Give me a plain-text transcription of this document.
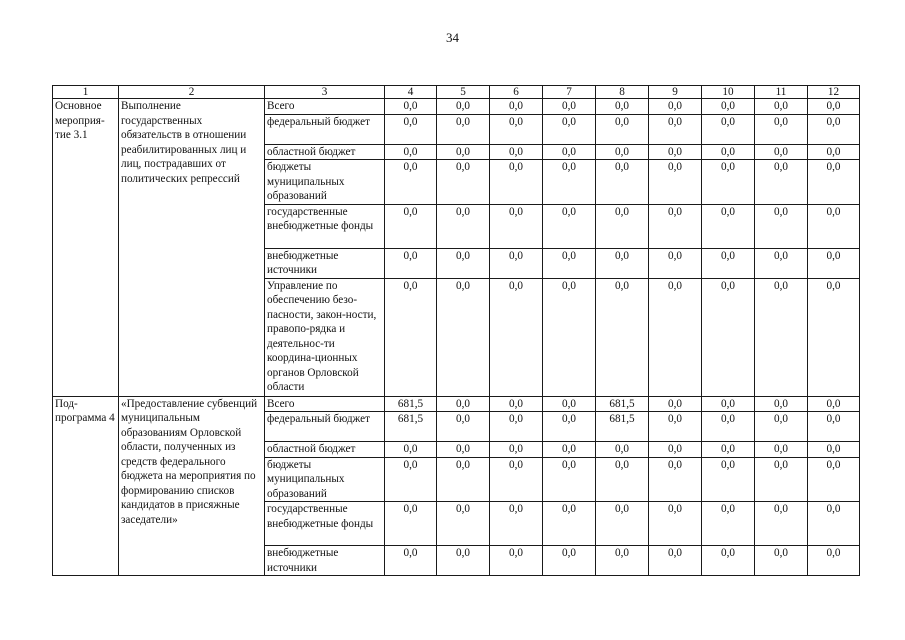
34
1	2	3	4	5	6	7	8	9	10	11	12
Основное мероприя-тие 3.1	Выполнение государственных обязательств в отношении реабилитированных лиц и лиц, пострадавших от политических репрессий	Всего	0,0	0,0	0,0	0,0	0,0	0,0	0,0	0,0	0,0
		федеральный бюджет	0,0	0,0	0,0	0,0	0,0	0,0	0,0	0,0	0,0
		областной бюджет	0,0	0,0	0,0	0,0	0,0	0,0	0,0	0,0	0,0
		бюджеты муниципальных образований	0,0	0,0	0,0	0,0	0,0	0,0	0,0	0,0	0,0
		государственные внебюджетные фонды	0,0	0,0	0,0	0,0	0,0	0,0	0,0	0,0	0,0
		внебюджетные источники	0,0	0,0	0,0	0,0	0,0	0,0	0,0	0,0	0,0
		Управление по обеспечению безо-пасности, закон-ности, правопо-рядка и деятельнос-ти координа-ционных органов Орловской области	0,0	0,0	0,0	0,0	0,0	0,0	0,0	0,0	0,0
Под-программа 4	«Предоставление субвенций муниципальным образованиям Орловской области, полученных из средств федерального бюджета на мероприятия по формированию списков кандидатов в присяжные заседатели»	Всего	681,5	0,0	0,0	0,0	681,5	0,0	0,0	0,0	0,0
		федеральный бюджет	681,5	0,0	0,0	0,0	681,5	0,0	0,0	0,0	0,0
		областной бюджет	0,0	0,0	0,0	0,0	0,0	0,0	0,0	0,0	0,0
		бюджеты муниципальных образований	0,0	0,0	0,0	0,0	0,0	0,0	0,0	0,0	0,0
		государственные внебюджетные фонды	0,0	0,0	0,0	0,0	0,0	0,0	0,0	0,0	0,0
		внебюджетные источники	0,0	0,0	0,0	0,0	0,0	0,0	0,0	0,0	0,0
